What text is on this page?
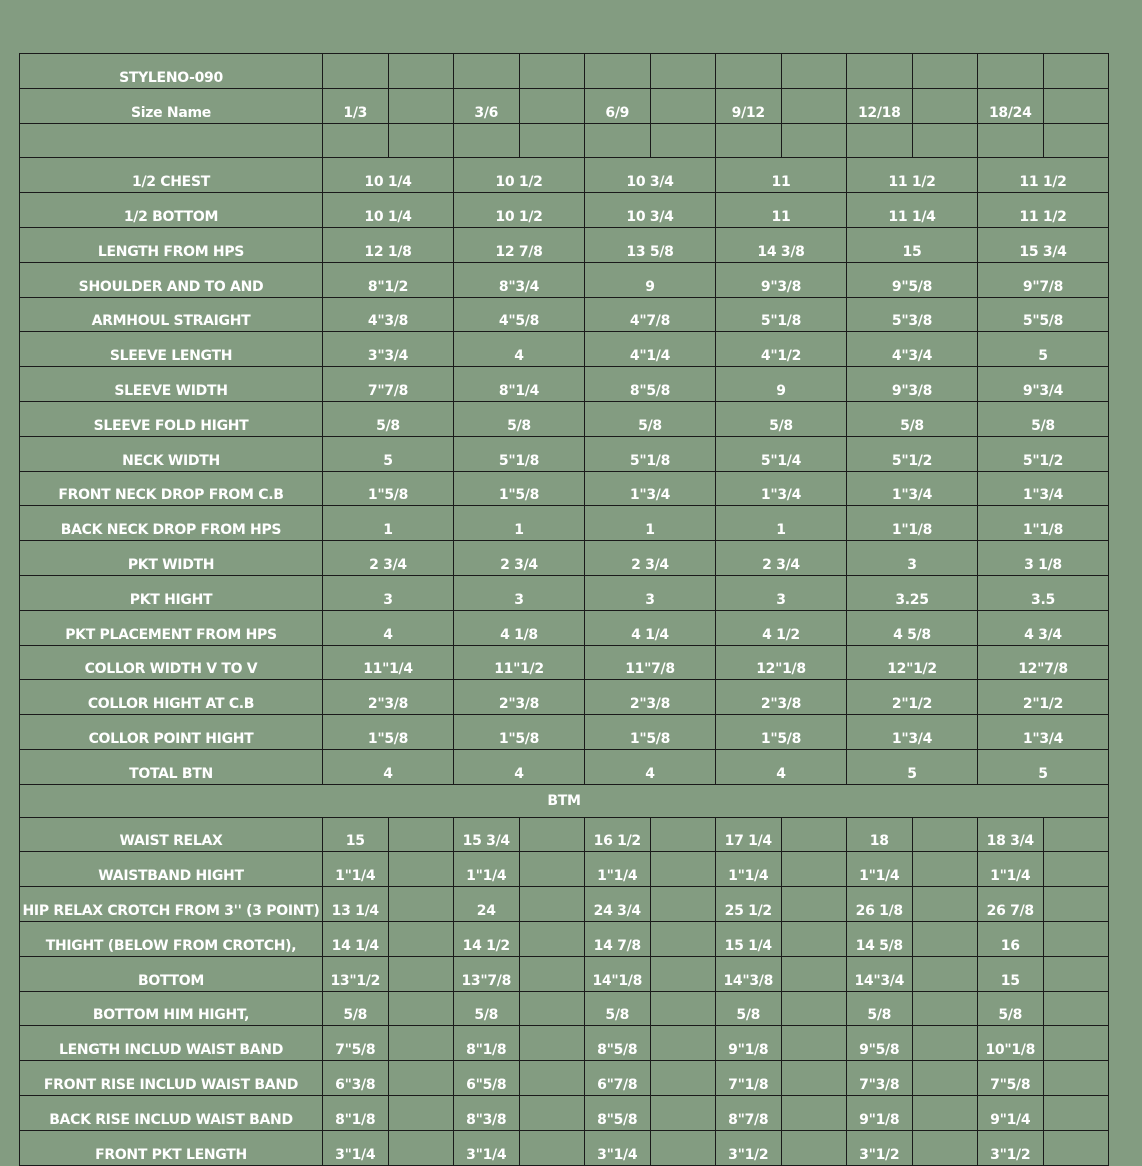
STYLENO-090												
Size Name	1/3		3/6		6/9		9/12		12/18		18/24	

1/2 CHEST	10 1/4		10 1/2		10 3/4		11		11 1/2		11 1/2	
1/2 BOTTOM	10 1/4		10 1/2		10 3/4		11		11 1/4		11 1/2	
LENGTH FROM HPS	12 1/8		12 7/8		13 5/8		14 3/8		15		15 3/4	
SHOULDER AND TO AND	8"1/2		8"3/4		9		9"3/8		9"5/8		9"7/8	
ARMHOUL STRAIGHT	4"3/8		4"5/8		4"7/8		5"1/8		5"3/8		5"5/8	
SLEEVE LENGTH	3"3/4		4		4"1/4		4"1/2		4"3/4		5	
SLEEVE WIDTH	7"7/8		8"1/4		8"5/8		9		9"3/8		9"3/4	
SLEEVE FOLD HIGHT	5/8		5/8		5/8		5/8		5/8		5/8	
NECK WIDTH	5		5"1/8		5"1/8		5"1/4		5"1/2		5"1/2	
FRONT NECK DROP FROM C.B	1"5/8		1"5/8		1"3/4		1"3/4		1"3/4		1"3/4	
BACK NECK DROP FROM HPS	1		1		1		1		1"1/8		1"1/8	
PKT WIDTH	2 3/4		2 3/4		2 3/4		2 3/4		3		3 1/8	
PKT HIGHT	3		3		3		3		3.25		3.5	
PKT PLACEMENT FROM HPS	4		4 1/8		4 1/4		4 1/2		4 5/8		4 3/4	
COLLOR WIDTH V TO V	11"1/4		11"1/2		11"7/8		12"1/8		12"1/2		12"7/8	
COLLOR HIGHT AT C.B	2"3/8		2"3/8		2"3/8		2"3/8		2"1/2		2"1/2	
COLLOR POINT HIGHT	1"5/8		1"5/8		1"5/8		1"5/8		1"3/4		1"3/4	
TOTAL BTN	4		4		4		4		5		5	
BTM												
WAIST RELAX	15		15 3/4		16 1/2		17 1/4		18		18 3/4	
WAISTBAND HIGHT	1"1/4		1"1/4		1"1/4		1"1/4		1"1/4		1"1/4	
HIP RELAX CROTCH FROM 3'' (3 POINT)	13 1/4		24		24 3/4		25 1/2		26 1/8		26 7/8	
THIGHT (BELOW FROM CROTCH),	14 1/4		14 1/2		14 7/8		15 1/4		14 5/8		16	
BOTTOM	13"1/2		13"7/8		14"1/8		14"3/8		14"3/4		15	
BOTTOM HIM HIGHT,	5/8		5/8		5/8		5/8		5/8		5/8	
LENGTH INCLUD WAIST BAND	7"5/8		8"1/8		8"5/8		9"1/8		9"5/8		10"1/8	
FRONT RISE INCLUD WAIST BAND	6"3/8		6"5/8		6"7/8		7"1/8		7"3/8		7"5/8	
BACK RISE INCLUD WAIST BAND	8"1/8		8"3/8		8"5/8		8"7/8		9"1/8		9"1/4	
FRONT PKT LENGTH	3"1/4		3"1/4		3"1/4		3"1/2		3"1/2		3"1/2	
